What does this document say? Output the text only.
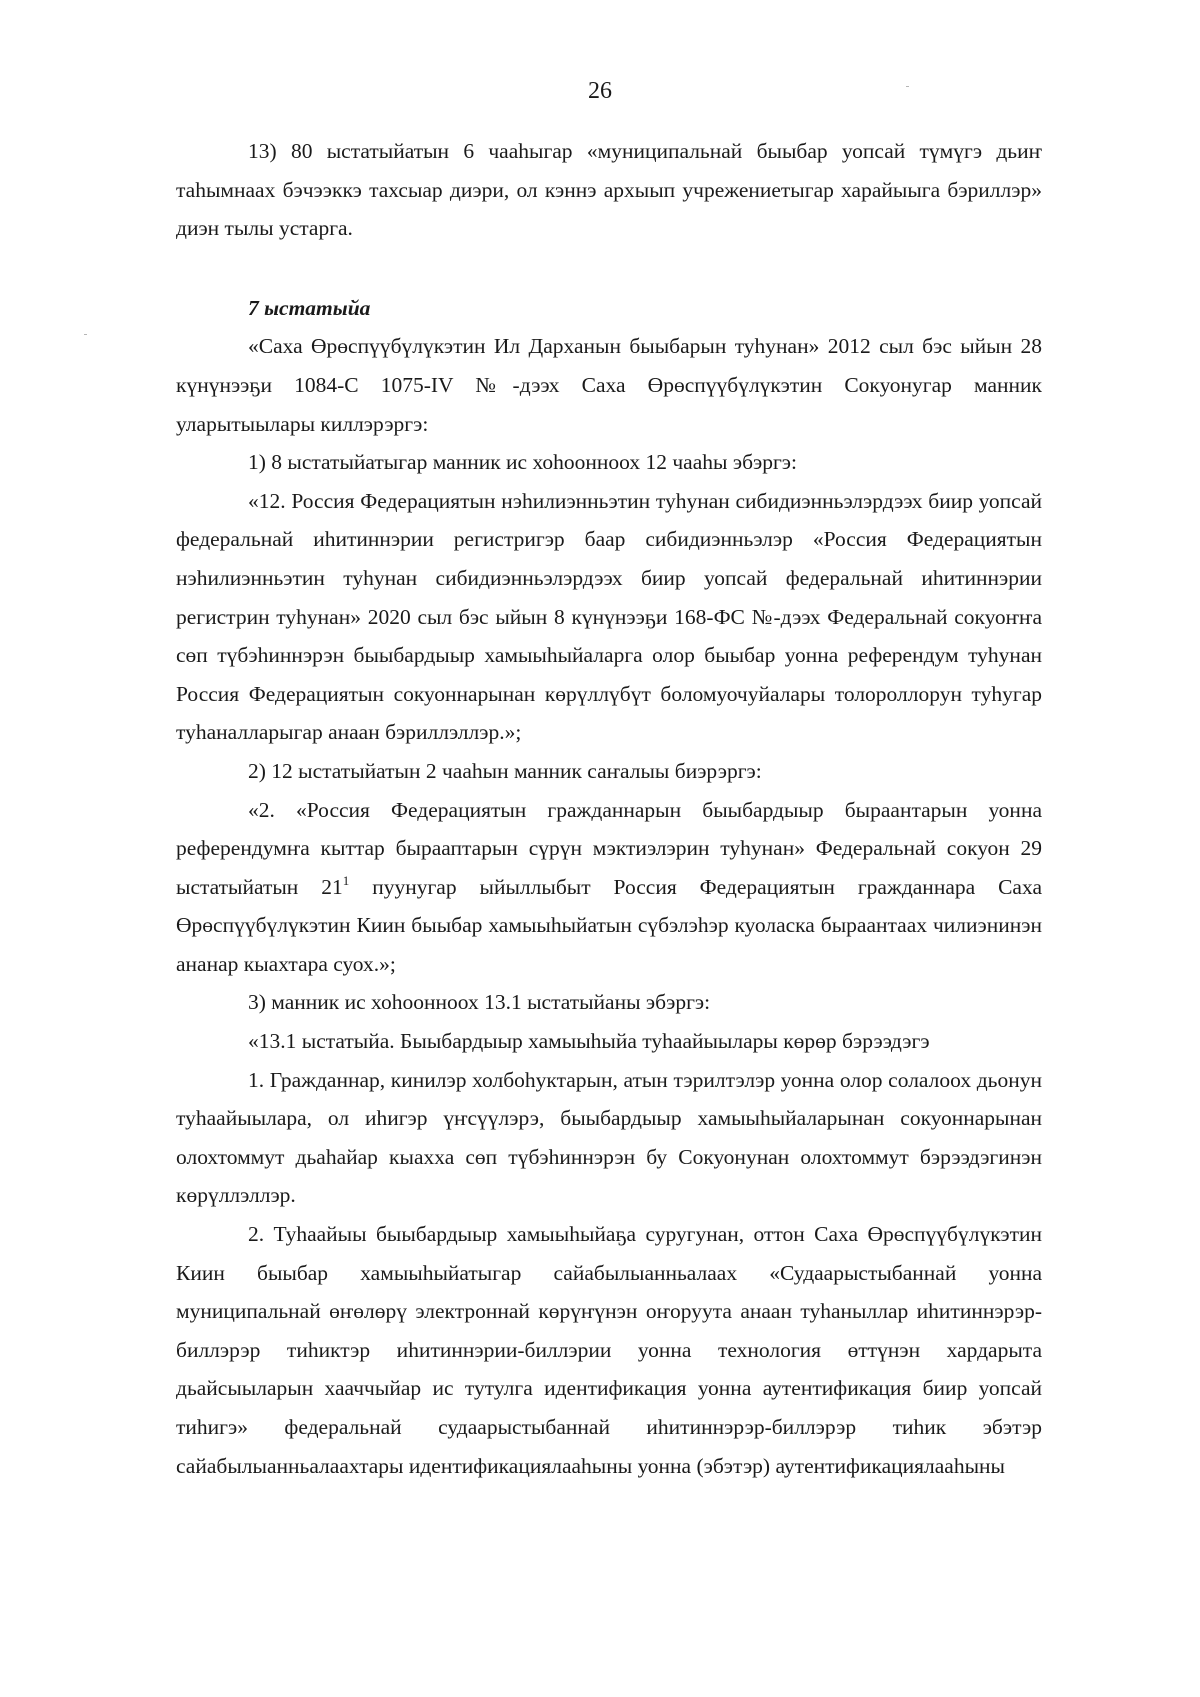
26

13) 80 ыстатыйатын 6 чааһыгар «муниципальнай быыбар уопсай түмүгэ дьиҥ таһымнаах бэчээккэ тахсыар диэри, ол кэннэ архыып учрежениетыгар харайыыга бэриллэр» диэн тылы устарга.

7 ыстатыйа

«Саха Өрөспүүбүлүкэтин Ил Дарханын быыбарын туһунан» 2012 сыл бэс ыйын 28 күнүнээҕи 1084-С 1075-IV №-дээх Саха Өрөспүүбүлүкэтин Сокуонугар манник уларытыылары киллэрэргэ:

1) 8 ыстатыйатыгар манник ис хоһоонноох 12 чааһы эбэргэ:

«12. Россия Федерациятын нэһилиэнньэтин туһунан сибидиэнньэлэрдээх биир уопсай федеральнай иһитиннэрии регистригэр баар сибидиэнньэлэр «Россия Федерациятын нэһилиэнньэтин туһунан сибидиэнньэлэрдээх биир уопсай федеральнай иһитиннэрии регистрин туһунан» 2020 сыл бэс ыйын 8 күнүнээҕи 168-ФС №-дээх Федеральнай сокуоҥҥа сөп түбэһиннэрэн быыбардыыр хамыыһыйаларга олор быыбар уонна референдум туһунан Россия Федерациятын сокуоннарынан көрүллүбүт боломуочуйалары толороллорун туһугар туһаналларыгар анаан бэриллэллэр.»;

2) 12 ыстатыйатын 2 чааһын манник саҥалыы биэрэргэ:

«2. «Россия Федерациятын гражданнарын быыбардыыр быраантарын уонна референдумҥа кыттар бырааптарын сүрүн мэктиэлэрин туһунан» Федеральнай сокуон 29 ыстатыйатын $21^1$ пуунугар ыйыллыбыт Россия Федерациятын гражданнара Саха Өрөспүүбүлүкэтин Киин быыбар хамыыһыйатын сүбэлэһэр куоласка быраантаах чилиэнинэн ананар кыахтара суох.»;

3) манник ис хоһоонноох 13.1 ыстатыйаны эбэргэ:

«13.1 ыстатыйа. Быыбардыыр хамыыһыйа туһаайыылары көрөр бэрээдэгэ

1. Гражданнар, кинилэр холбоһуктарын, атын тэрилтэлэр уонна олор солалоох дьонун туһаайыылара, ол иһигэр үҥсүүлэрэ, быыбардыыр хамыыһыйаларынан сокуоннарынан олохтоммут дьаһайар кыахха сөп түбэһиннэрэн бу Сокуонунан олохтоммут бэрээдэгинэн көрүллэллэр.

2. Туһаайыы быыбардыыр хамыыһыйаҕа суругунан, оттон Саха Өрөспүүбүлүкэтин Киин быыбар хамыыһыйатыгар сайабылыанньалаах «Судаарыстыбаннай уонна муниципальнай өҥөлөрү электроннай көрүҥүнэн оҥоруута анаан туһаныллар иһитиннэрэр-биллэрэр тиһиктэр иһитиннэрии-биллэрии уонна технология өттүнэн хардарыта дьайсыыларын хааччыйар ис тутулга идентификация уонна аутентификация биир уопсай тиһигэ» федеральнай судаарыстыбаннай иһитиннэрэр-биллэрэр тиһик эбэтэр сайабылыанньалаахтары идентификациялааһыны уонна (эбэтэр) аутентификациялааһыны
